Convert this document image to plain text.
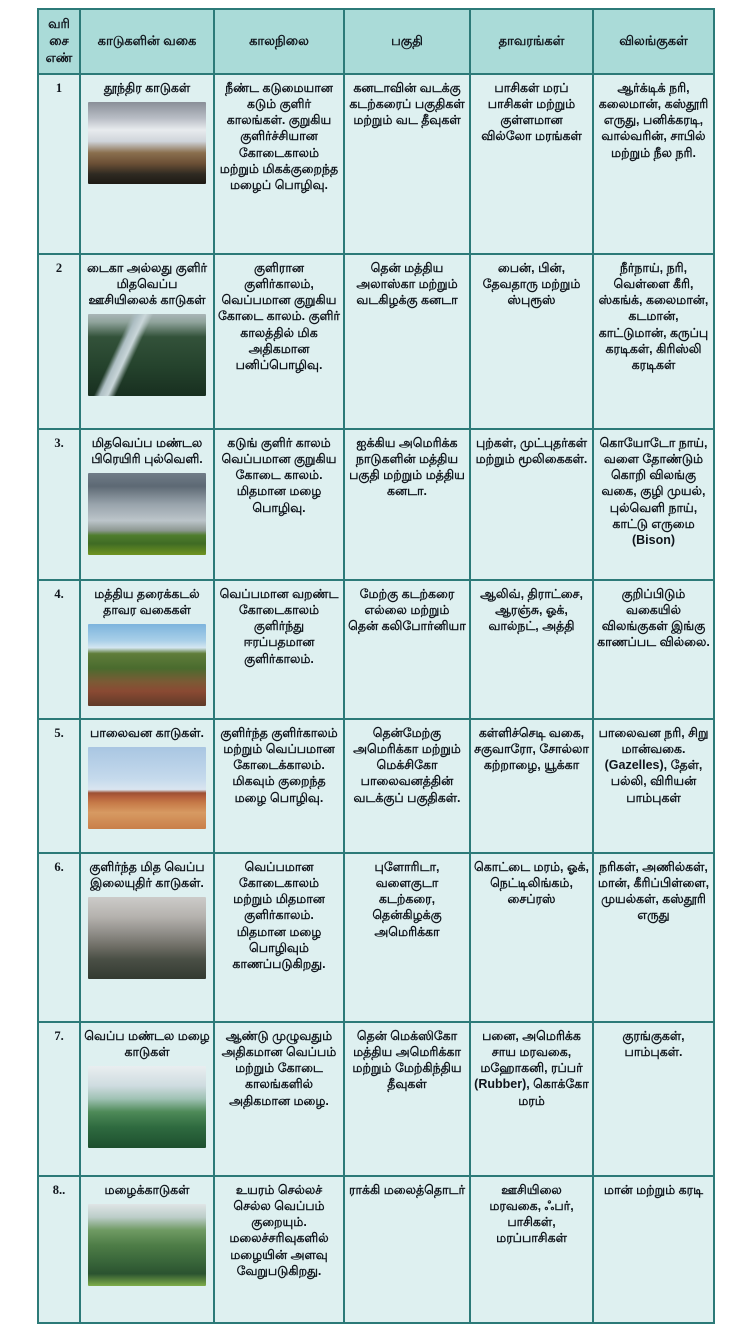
வரிசை எண்	காடுகளின் வகை	காலநிலை	பகுதி	தாவரங்கள்	விலங்குகள்
1	தூந்திர காடுகள்	நீண்ட கடுமையான கடும் குளிர் காலங்கள். குறுகிய குளிர்ச்சியான கோடைகாலம் மற்றும் மிகக்குறைந்த மழைப் பொழிவு.	கனடாவின் வடக்கு கடற்கரைப் பகுதிகள் மற்றும் வட தீவுகள்	பாசிகள் மரப் பாசிகள் மற்றும் குள்ளமான வில்லோ மரங்கள்	ஆர்க்டிக் நரி, கலைமான், கஸ்தூரி எருது, பனிக்கரடி, வால்வரின், சாபில் மற்றும் நீல நரி.
2	டைகா அல்லது குளிர் மிதவெப்ப ஊசியிலைக் காடுகள்	குளிரான குளிர்காலம், வெப்பமான குறுகிய கோடை காலம். குளிர் காலத்தில் மிக அதிகமான பனிப்பொழிவு.	தென் மத்திய அலாஸ்கா மற்றும் வடகிழக்கு கனடா	பைன், பின், தேவதாரு மற்றும் ஸ்புரூஸ்	நீர்நாய், நரி, வெள்ளை கீரி, ஸ்கங்க், கலைமான், கடமான், காட்டுமான், கருப்பு கரடிகள், கிரிஸ்லி கரடிகள்
3.	மிதவெப்ப மண்டல பிரெயிரி புல்வெளி.	கடுங் குளிர் காலம் வெப்பமான குறுகிய கோடை காலம். மிதமான மழை பொழிவு.	ஐக்கிய அமெரிக்க நாடுகளின் மத்திய பகுதி மற்றும் மத்திய கனடா.	புற்கள், முட்புதர்கள் மற்றும் மூலிகைகள்.	கொயோடோ நாய், வளை தோண்டும் கொறி விலங்கு வகை, குழி முயல், புல்வெளி நாய், காட்டு எருமை (Bison)
4.	மத்திய தரைக்கடல் தாவர வகைகள்	வெப்பமான வறண்ட கோடைகாலம் குளிர்ந்து ஈரப்பதமான குளிர்காலம்.	மேற்கு கடற்கரை எல்லை மற்றும் தென் கலிபோர்னியா	ஆலிவ், திராட்சை, ஆரஞ்சு, ஓக், வால்நட், அத்தி	குறிப்பிடும் வகையில் விலங்குகள் இங்கு காணப்பட வில்லை.
5.	பாலைவன காடுகள்.	குளிர்ந்த குளிர்காலம் மற்றும் வெப்பமான கோடைக்காலம். மிகவும் குறைந்த மழை பொழிவு.	தென்மேற்கு அமெரிக்கா மற்றும் மெக்சிகோ பாலைவனத்தின் வடக்குப் பகுதிகள்.	கள்ளிச்செடி வகை, சகுவாரோ, சோல்லா கற்றாழை, யூக்கா	பாலைவன நரி, சிறு மான்வகை. (Gazelles), தேள், பல்லி, விரியன் பாம்புகள்
6.	குளிர்ந்த மித வெப்ப இலையுதிர் காடுகள்.	வெப்பமான கோடைகாலம் மற்றும் மிதமான குளிர்காலம். மிதமான மழை பொழிவும் காணப்படுகிறது.	புளோரிடா, வளைகுடா கடற்கரை, தென்கிழக்கு அமெரிக்கா	கொட்டை மரம், ஓக், நெட்டிலிங்கம், சைப்ரஸ்	நரிகள், அணில்கள், மான், கீரிப்பிள்ளை, முயல்கள், கஸ்தூரி எருது
7.	வெப்ப மண்டல மழை காடுகள்	ஆண்டு முழுவதும் அதிகமான வெப்பம் மற்றும் கோடை காலங்களில் அதிகமான மழை.	தென் மெக்ஸிகோ மத்திய அமெரிக்கா மற்றும் மேற்கிந்திய தீவுகள்	பனை, அமெரிக்க சாய மரவகை, மஹோகனி, ரப்பர் (Rubber), கொக்கோ மரம்	குரங்குகள், பாம்புகள்.
8..	மழைக்காடுகள்	உயரம் செல்லச் செல்ல வெப்பம் குறையும். மலைச்சரிவுகளில் மழையின் அளவு வேறுபடுகிறது.	ராக்கி மலைத்தொடர்	ஊசியிலை மரவகை, ஃபர், பாசிகள், மரப்பாசிகள்	மான் மற்றும் கரடி
